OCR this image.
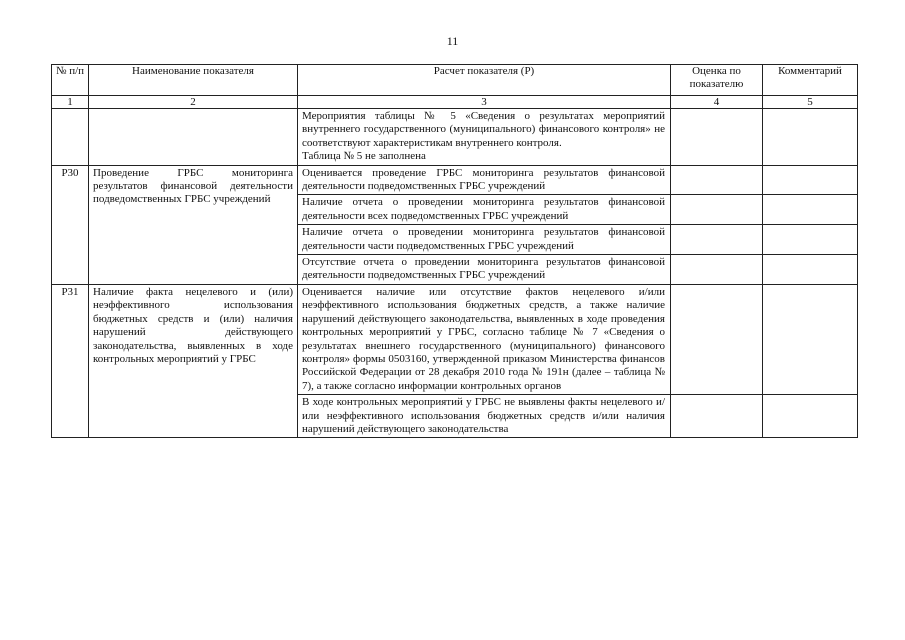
11
№ п/п	Наименование показателя	Расчет показателя (Р)	Оценка по показателю	Комментарий
1	2	3	4	5

		Мероприятия таблицы № 5 «Сведения о результатах мероприятий внутреннего государственного (муниципального) финансового контроля» не соответствуют характеристикам внутреннего контроля.
Таблица № 5 не заполнена		

Р30	Проведение ГРБС мониторинга результатов финансовой деятельности подведомственных ГРБС учреждений	Оценивается проведение ГРБС мониторинга результатов финансовой деятельности подведомственных ГРБС учреждений		
		Наличие отчета о проведении мониторинга результатов финансовой деятельности всех подведомственных ГРБС учреждений		
		Наличие отчета о проведении мониторинга результатов финансовой деятельности части подведомственных ГРБС учреждений		
		Отсутствие отчета о проведении мониторинга результатов финансовой деятельности подведомственных ГРБС учреждений		
Р31	Наличие факта нецелевого и (или) неэффективного использования бюджетных средств и (или) наличия нарушений действующего законодательства, выявленных в ходе контрольных мероприятий у ГРБС	Оценивается наличие или отсутствие фактов нецелевого и/или неэффективного использования бюджетных средств, а также наличие нарушений действующего законодательства, выявленных в ходе проведения контрольных мероприятий у ГРБС, согласно таблице № 7 «Сведения о результатах внешнего государственного (муниципального) финансового контроля» формы 0503160, утвержденной приказом Министерства финансов Российской Федерации от 28 декабря 2010 года № 191н (далее – таблица № 7), а также согласно информации контрольных органов		
		В ходе контрольных мероприятий у ГРБС не выявлены факты нецелевого и/или неэффективного использования бюджетных средств и/или наличия нарушений действующего законодательства		
